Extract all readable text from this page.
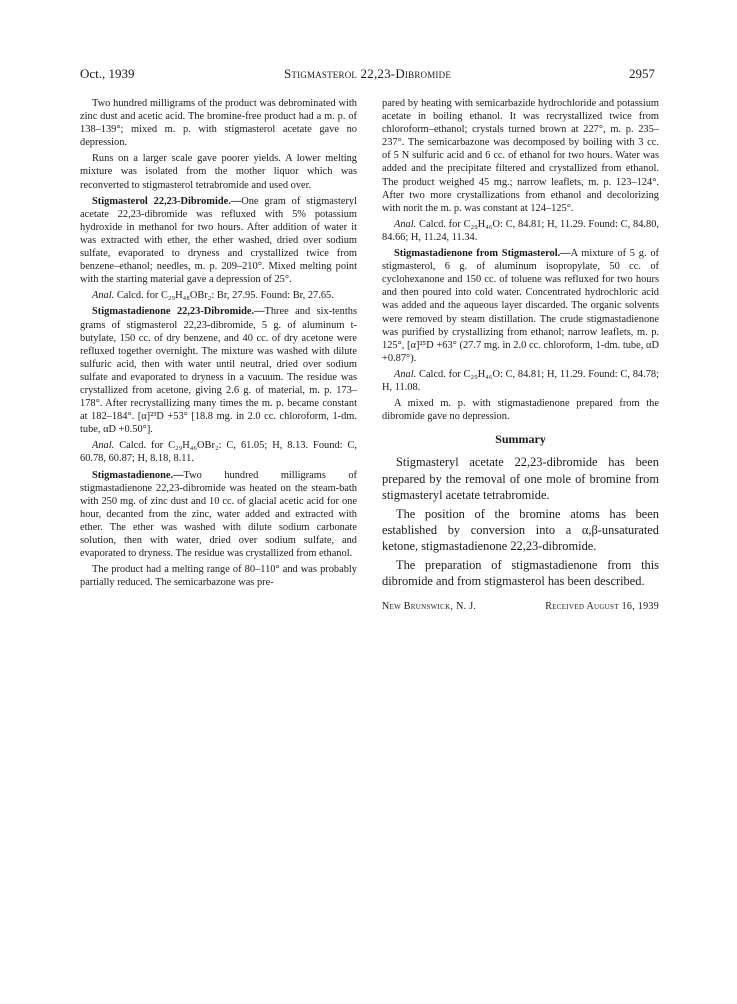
Oct., 1939	Stigmasterol 22,23-Dibromide	2957

Two hundred milligrams of the product was debrominated with zinc dust and acetic acid. The bromine-free product had a m. p. of 138–139°; mixed m. p. with stigmasterol acetate gave no depression.

Runs on a larger scale gave poorer yields. A lower melting mixture was isolated from the mother liquor which was reconverted to stigmasterol tetrabromide and used over.

Stigmasterol 22,23-Dibromide.—One gram of stigmasteryl acetate 22,23-dibromide was refluxed with 5% potassium hydroxide in methanol for two hours. After addition of water it was extracted with ether, the ether washed, dried over sodium sulfate, evaporated to dryness and crystallized twice from benzene–ethanol; needles, m. p. 209–210°. Mixed melting point with the starting material gave a depression of 25°.

Anal. Calcd. for C₂₉H₄₈OBr₂: Br, 27.95. Found: Br, 27.65.

Stigmastadienone 22,23-Dibromide.—Three and six-tenths grams of stigmasterol 22,23-dibromide, 5 g. of aluminum t-butylate, 150 cc. of dry benzene, and 40 cc. of dry acetone were refluxed together overnight. The mixture was washed with dilute sulfuric acid, then with water until neutral, dried over sodium sulfate and evaporated to dryness in a vacuum. The residue was crystallized from acetone, giving 2.6 g. of material, m. p. 173–178°. After recrystallizing many times the m. p. became constant at 182–184°. [α]²³D +53° [18.8 mg. in 2.0 cc. chloroform, 1-dm. tube, αD +0.50°].

Anal. Calcd. for C₂₉H₄₆OBr₂: C, 61.05; H, 8.13. Found: C, 60.78, 60.87; H, 8.18, 8.11.

Stigmastadienone.—Two hundred milligrams of stigmastadienone 22,23-dibromide was heated on the steam-bath with 250 mg. of zinc dust and 10 cc. of glacial acetic acid for one hour, decanted from the zinc, water added and extracted with ether. The ether was washed with dilute sodium carbonate solution, then with water, dried over sodium sulfate, and evaporated to dryness. The residue was crystallized from ethanol.

The product had a melting range of 80–110° and was probably partially reduced. The semicarbazone was pre-

pared by heating with semicarbazide hydrochloride and potassium acetate in boiling ethanol. It was recrystallized twice from chloroform–ethanol; crystals turned brown at 227°, m. p. 235–237°. The semicarbazone was decomposed by boiling with 3 cc. of 5 N sulfuric acid and 6 cc. of ethanol for two hours. Water was added and the precipitate filtered and crystallized from ethanol. The product weighed 45 mg.; narrow leaflets, m. p. 123–124°. After two more crystallizations from ethanol and decolorizing with norit the m. p. was constant at 124–125°.

Anal. Calcd. for C₂₉H₄₆O: C, 84.81; H, 11.29. Found: C, 84.80, 84.66; H, 11.24, 11.34.

Stigmastadienone from Stigmasterol.—A mixture of 5 g. of stigmasterol, 6 g. of aluminum isopropylate, 50 cc. of cyclohexanone and 150 cc. of toluene was refluxed for two hours and then poured into cold water. Concentrated hydrochloric acid was added and the aqueous layer discarded. The organic solvents were removed by steam distillation. The crude stigmastadienone was purified by crystallizing from ethanol; narrow leaflets, m. p. 125°, [α]²⁵D +63° (27.7 mg. in 2.0 cc. chloroform, 1-dm. tube, αD +0.87°).

Anal. Calcd. for C₂₉H₄₆O: C, 84.81; H, 11.29. Found: C, 84.78; H, 11.08.

A mixed m. p. with stigmastadienone prepared from the dibromide gave no depression.

Summary

Stigmasteryl acetate 22,23-dibromide has been prepared by the removal of one mole of bromine from stigmasteryl acetate tetrabromide.

The position of the bromine atoms has been established by conversion into a α,β-unsaturated ketone, stigmastadienone 22,23-dibromide.

The preparation of stigmastadienone from this dibromide and from stigmasterol has been described.

New Brunswick, N. J.	Received August 16, 1939
